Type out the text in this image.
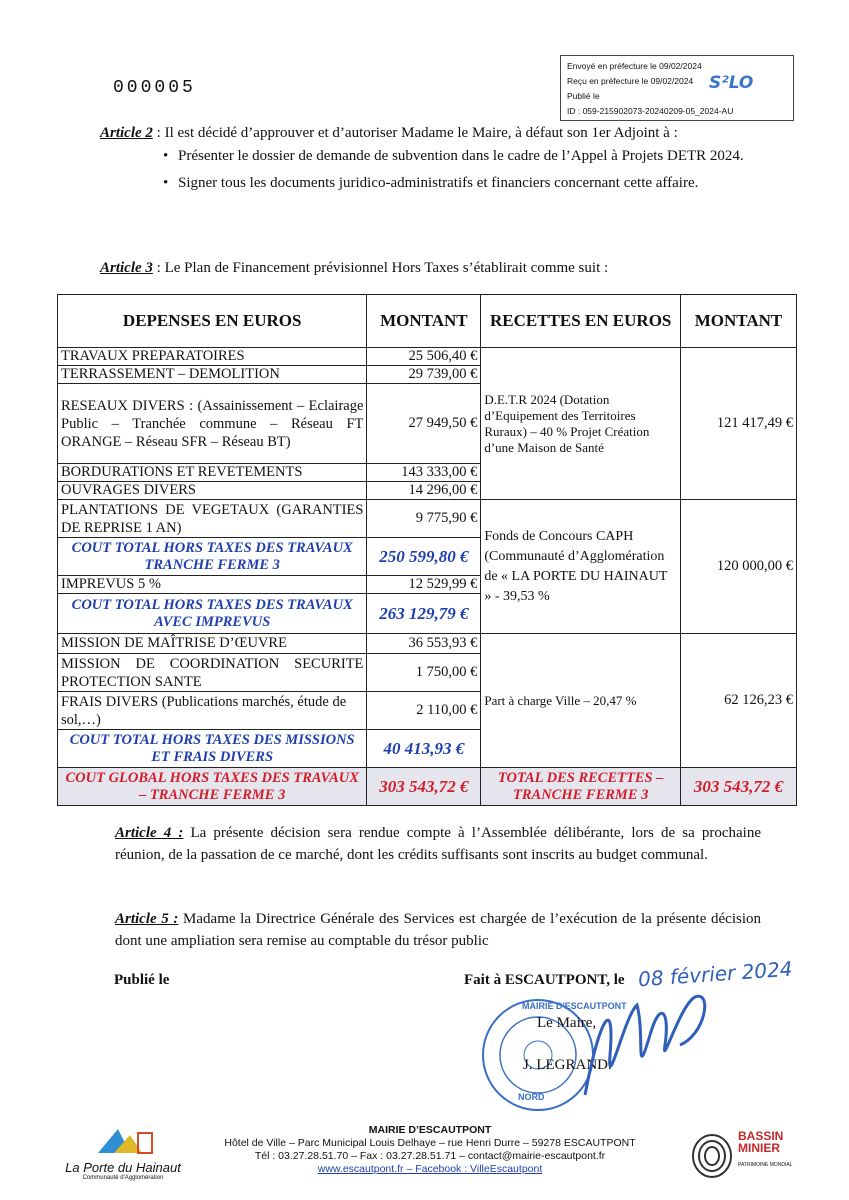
000005
Envoyé en préfecture le 09/02/2024
Reçu en préfecture le 09/02/2024
Publié le
ID : 059-215902073-20240209-05_2024-AU
S²LO
Article 2 : Il est décidé d’approuver et d’autoriser Madame le Maire, à défaut son 1er Adjoint à :
• Présenter le dossier de demande de subvention dans le cadre de l’Appel à Projets DETR 2024.
• Signer tous les documents juridico-administratifs et financiers concernant cette affaire.
Article 3 : Le Plan de Financement prévisionnel Hors Taxes s’établirait comme suit :
DEPENSES EN EUROS	MONTANT	RECETTES EN EUROS	MONTANT
TRAVAUX PREPARATOIRES	25 506,40 €	D.E.T.R 2024 (Dotation d’Equipement des Territoires Ruraux) – 40 % Projet Création d’une Maison de Santé	121 417,49 €
TERRASSEMENT – DEMOLITION	29 739,00 €		
RESEAUX DIVERS : (Assainissement – Eclairage Public – Tranchée commune – Réseau FT ORANGE – Réseau SFR – Réseau BT)	27 949,50 €		
BORDURATIONS ET REVETEMENTS	143 333,00 €		
OUVRAGES DIVERS	14 296,00 €		
PLANTATIONS DE VEGETAUX (GARANTIES DE REPRISE 1 AN)	9 775,90 €	Fonds de Concours CAPH (Communauté d’Agglomération de « LA PORTE DU HAINAUT » - 39,53 %	120 000,00 €
COUT TOTAL HORS TAXES DES TRAVAUX TRANCHE FERME 3	250 599,80 €		
IMPREVUS 5 %	12 529,99 €		
COUT TOTAL HORS TAXES DES TRAVAUX AVEC IMPREVUS	263 129,79 €		
MISSION DE MAÎTRISE D’ŒUVRE	36 553,93 €	Part à charge Ville – 20,47 %	62 126,23 €
MISSION DE COORDINATION SECURITE PROTECTION SANTE	1 750,00 €		
FRAIS DIVERS (Publications marchés, étude de sol,…)	2 110,00 €		
COUT TOTAL HORS TAXES DES MISSIONS ET FRAIS DIVERS	40 413,93 €		
COUT GLOBAL HORS TAXES DES TRAVAUX – TRANCHE FERME 3	303 543,72 €	TOTAL DES RECETTES – TRANCHE FERME 3	303 543,72 €
Article 4 : La présente décision sera rendue compte à l’Assemblée délibérante, lors de sa prochaine réunion, de la passation de ce marché, dont les crédits suffisants sont inscrits au budget communal.
Article 5 : Madame la Directrice Générale des Services est chargée de l’exécution de la présente décision dont une ampliation sera remise au comptable du trésor public
Publié le	Fait à ESCAUTPONT, le 08 février 2024
MAIRIE D'ESCAUTPONT
NORD
Le Maire,
J. LEGRAND.
La Porte du Hainaut
Communauté d'Agglomération
MAIRIE D’ESCAUTPONT
Hôtel de Ville – Parc Municipal Louis Delhaye – rue Henri Durre – 59278 ESCAUTPONT
Tél : 03.27.28.51.70 – Fax : 03.27.28.51.71 – contact@mairie-escautpont.fr
www.escautpont.fr – Facebook : VilleEscautpont
BASSIN MINIER
PATRIMOINE MONDIAL
